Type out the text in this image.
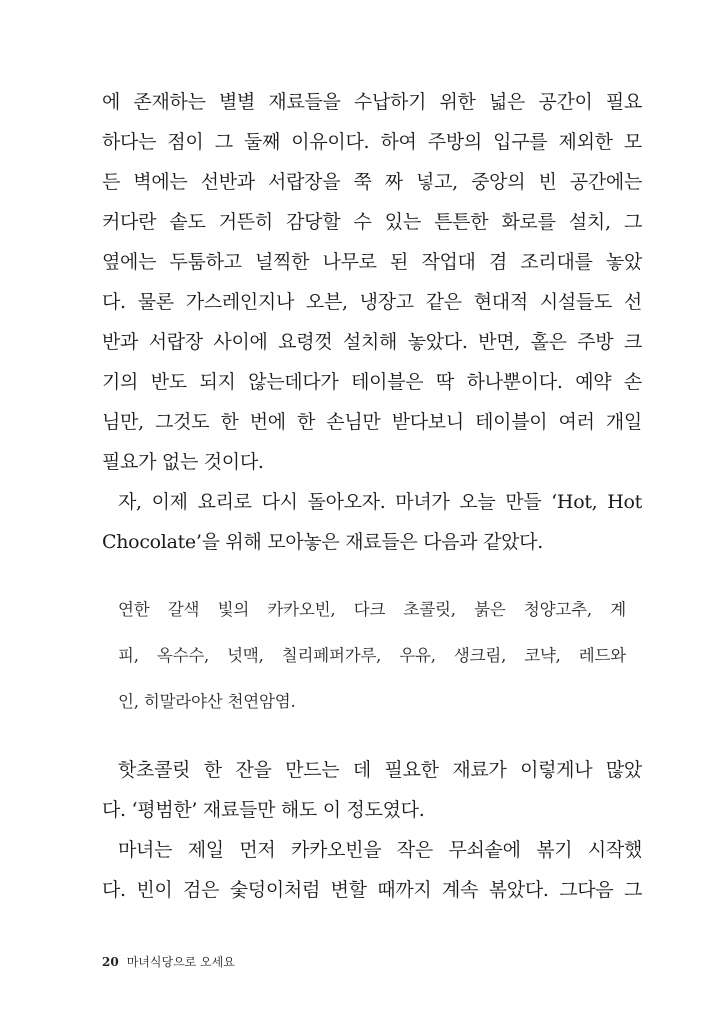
에 존재하는 별별 재료들을 수납하기 위한 넓은 공간이 필요
하다는 점이 그 둘째 이유이다. 하여 주방의 입구를 제외한 모
든 벽에는 선반과 서랍장을 쭉 짜 넣고, 중앙의 빈 공간에는
커다란 솥도 거뜬히 감당할 수 있는 튼튼한 화로를 설치, 그
옆에는 두툼하고 널찍한 나무로 된 작업대 겸 조리대를 놓았
다. 물론 가스레인지나 오븐, 냉장고 같은 현대적 시설들도 선
반과 서랍장 사이에 요령껏 설치해 놓았다. 반면, 홀은 주방 크
기의 반도 되지 않는데다가 테이블은 딱 하나뿐이다. 예약 손
님만, 그것도 한 번에 한 손님만 받다보니 테이블이 여러 개일
필요가 없는 것이다.
자, 이제 요리로 다시 돌아오자. 마녀가 오늘 만들 ‘Hot, Hot
Chocolate’을 위해 모아놓은 재료들은 다음과 같았다.
연한 갈색 빛의 카카오빈, 다크 초콜릿, 붉은 청양고추, 계
피, 옥수수, 넛맥, 칠리페퍼가루, 우유, 생크림, 코냑, 레드와
인, 히말라야산 천연암염.
핫초콜릿 한 잔을 만드는 데 필요한 재료가 이렇게나 많았
다. ‘평범한’ 재료들만 해도 이 정도였다.
마녀는 제일 먼저 카카오빈을 작은 무쇠솥에 볶기 시작했
다. 빈이 검은 숯덩이처럼 변할 때까지 계속 볶았다. 그다음 그
20 마녀식당으로 오세요
